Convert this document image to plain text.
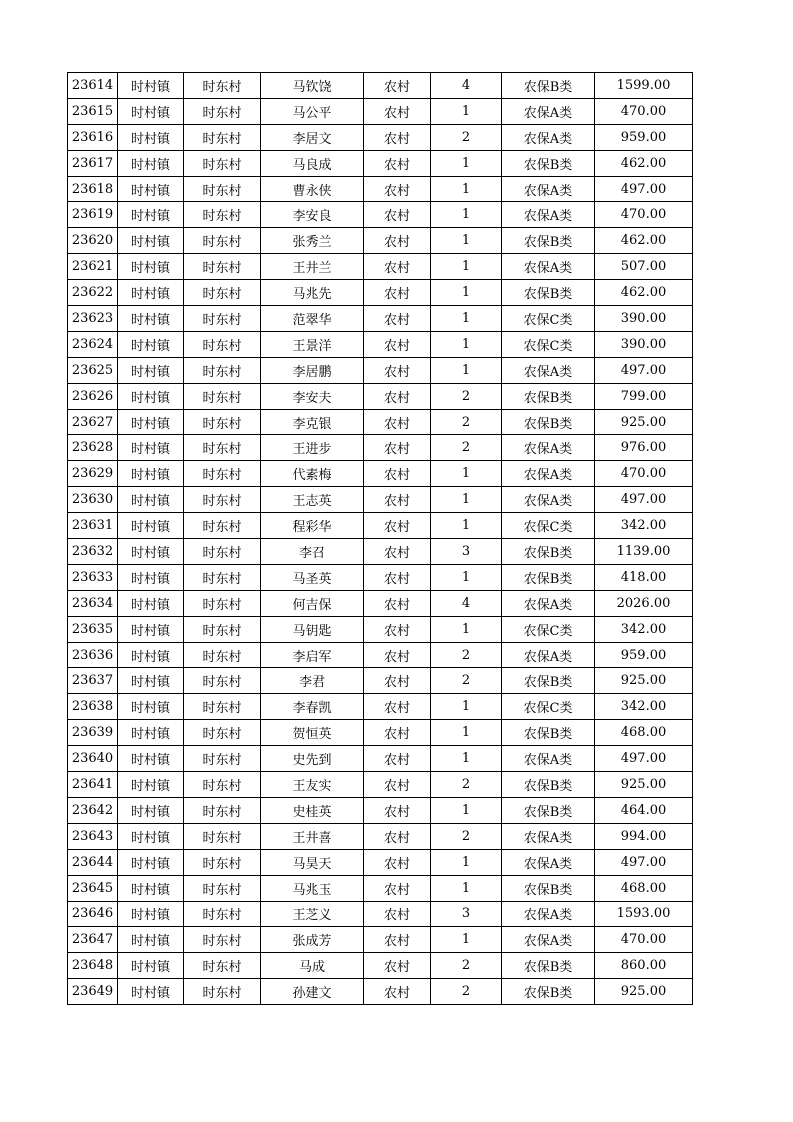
23614	时村镇	时东村	马钦饶	农村	4	农保B类	1599.00
23615	时村镇	时东村	马公平	农村	1	农保A类	470.00
23616	时村镇	时东村	李居文	农村	2	农保A类	959.00
23617	时村镇	时东村	马良成	农村	1	农保B类	462.00
23618	时村镇	时东村	曹永侠	农村	1	农保A类	497.00
23619	时村镇	时东村	李安良	农村	1	农保A类	470.00
23620	时村镇	时东村	张秀兰	农村	1	农保B类	462.00
23621	时村镇	时东村	王井兰	农村	1	农保A类	507.00
23622	时村镇	时东村	马兆先	农村	1	农保B类	462.00
23623	时村镇	时东村	范翠华	农村	1	农保C类	390.00
23624	时村镇	时东村	王景洋	农村	1	农保C类	390.00
23625	时村镇	时东村	李居鹏	农村	1	农保A类	497.00
23626	时村镇	时东村	李安夫	农村	2	农保B类	799.00
23627	时村镇	时东村	李克银	农村	2	农保B类	925.00
23628	时村镇	时东村	王进步	农村	2	农保A类	976.00
23629	时村镇	时东村	代素梅	农村	1	农保A类	470.00
23630	时村镇	时东村	王志英	农村	1	农保A类	497.00
23631	时村镇	时东村	程彩华	农村	1	农保C类	342.00
23632	时村镇	时东村	李召	农村	3	农保B类	1139.00
23633	时村镇	时东村	马圣英	农村	1	农保B类	418.00
23634	时村镇	时东村	何吉保	农村	4	农保A类	2026.00
23635	时村镇	时东村	马钥匙	农村	1	农保C类	342.00
23636	时村镇	时东村	李启军	农村	2	农保A类	959.00
23637	时村镇	时东村	李君	农村	2	农保B类	925.00
23638	时村镇	时东村	李春凯	农村	1	农保C类	342.00
23639	时村镇	时东村	贺恒英	农村	1	农保B类	468.00
23640	时村镇	时东村	史先到	农村	1	农保A类	497.00
23641	时村镇	时东村	王友实	农村	2	农保B类	925.00
23642	时村镇	时东村	史桂英	农村	1	农保B类	464.00
23643	时村镇	时东村	王井喜	农村	2	农保A类	994.00
23644	时村镇	时东村	马昊天	农村	1	农保A类	497.00
23645	时村镇	时东村	马兆玉	农村	1	农保B类	468.00
23646	时村镇	时东村	王芝义	农村	3	农保A类	1593.00
23647	时村镇	时东村	张成芳	农村	1	农保A类	470.00
23648	时村镇	时东村	马成	农村	2	农保B类	860.00
23649	时村镇	时东村	孙建文	农村	2	农保B类	925.00
